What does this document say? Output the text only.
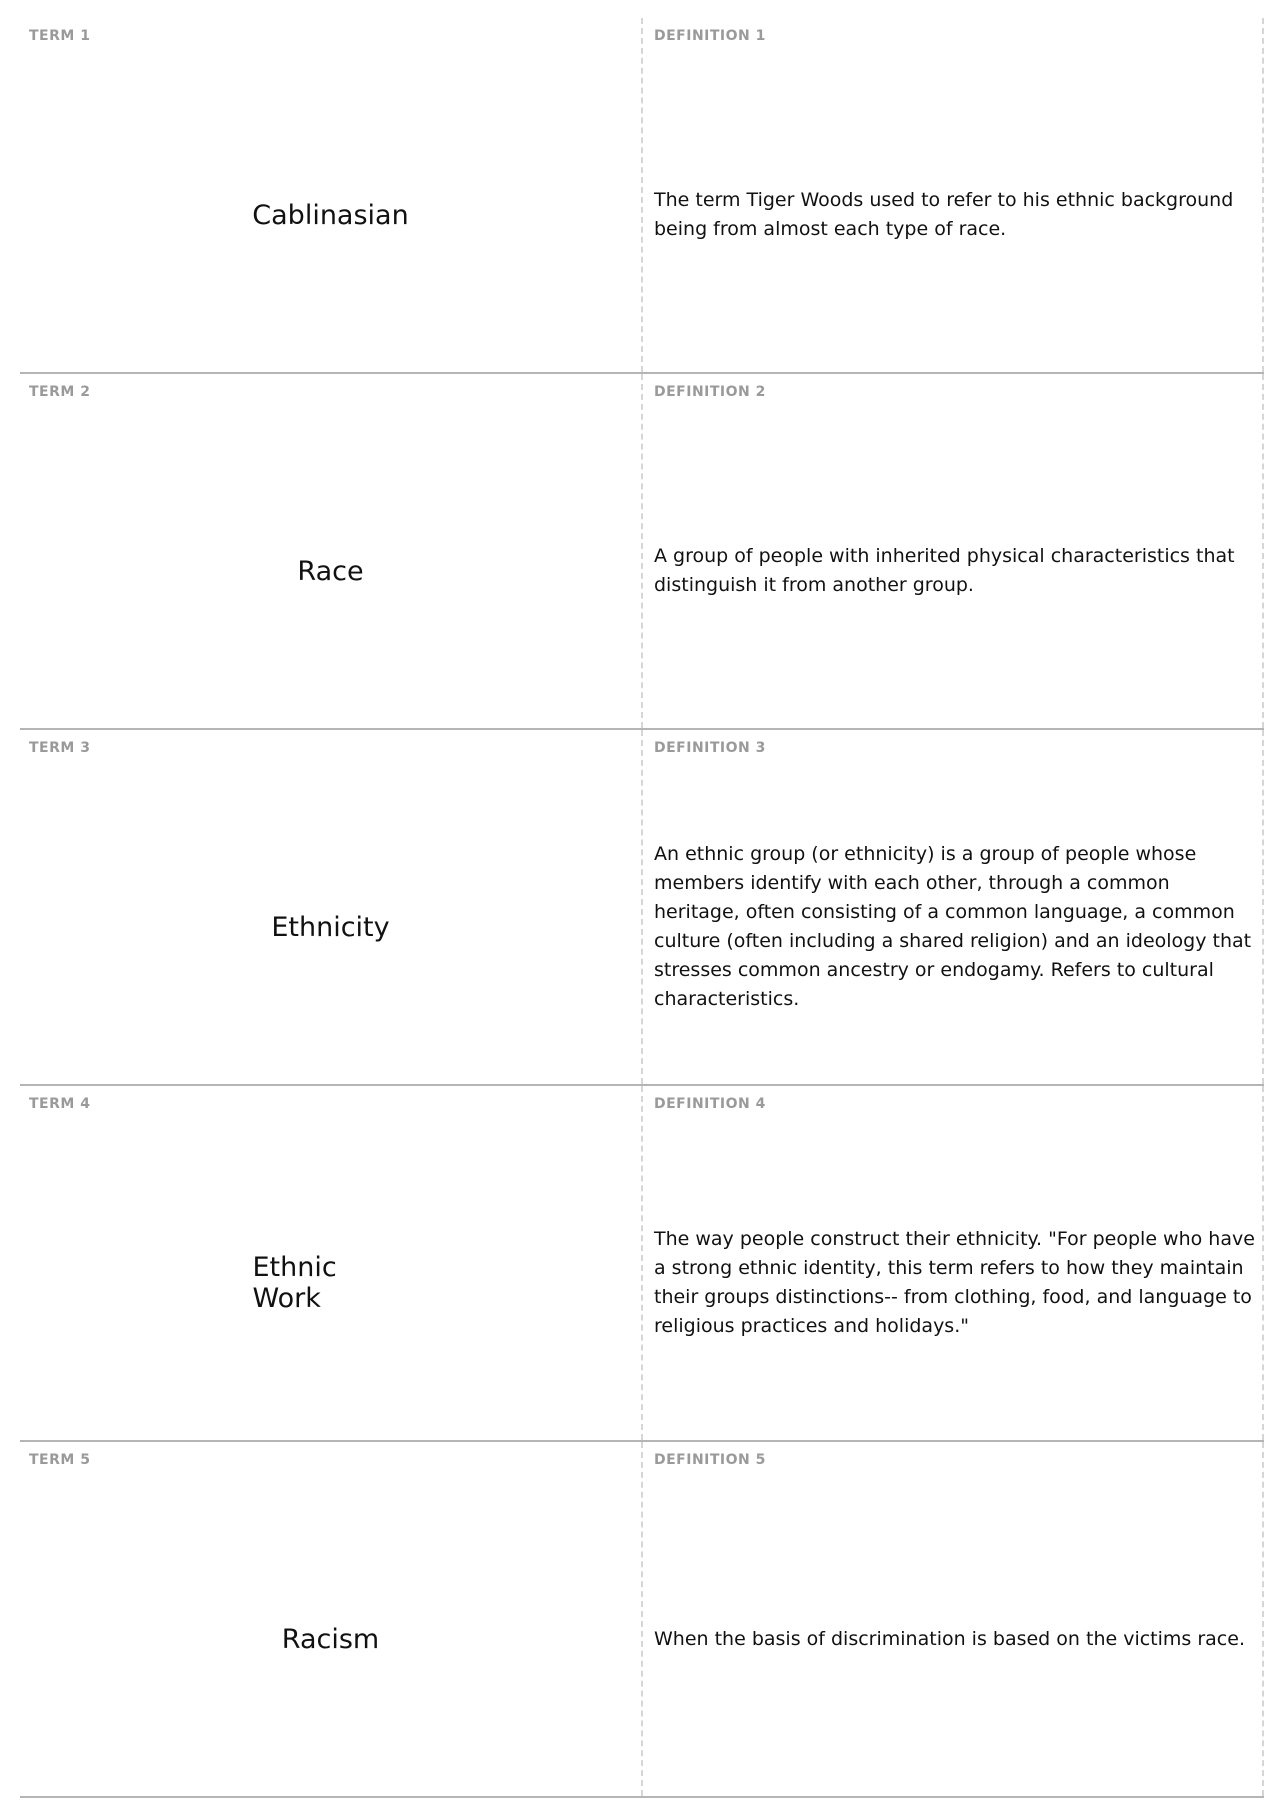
TERM 1
Cablinasian
DEFINITION 1
The term Tiger Woods used to refer to his ethnic background being from almost each type of race.
TERM 2
Race
DEFINITION 2
A group of people with inherited physical characteristics that distinguish it from another group.
TERM 3
Ethnicity
DEFINITION 3
An ethnic group (or ethnicity) is a group of people whose members identify with each other, through a common heritage, often consisting of a common language, a common culture (often including a shared religion) and an ideology that stresses common ancestry or endogamy. Refers to cultural characteristics.
TERM 4
Ethnic Work
DEFINITION 4
The way people construct their ethnicity. "For people who have a strong ethnic identity, this term refers to how they maintain their groups distinctions-- from clothing, food, and language to religious practices and holidays."
TERM 5
Racism
DEFINITION 5
When the basis of discrimination is based on the victims race.
